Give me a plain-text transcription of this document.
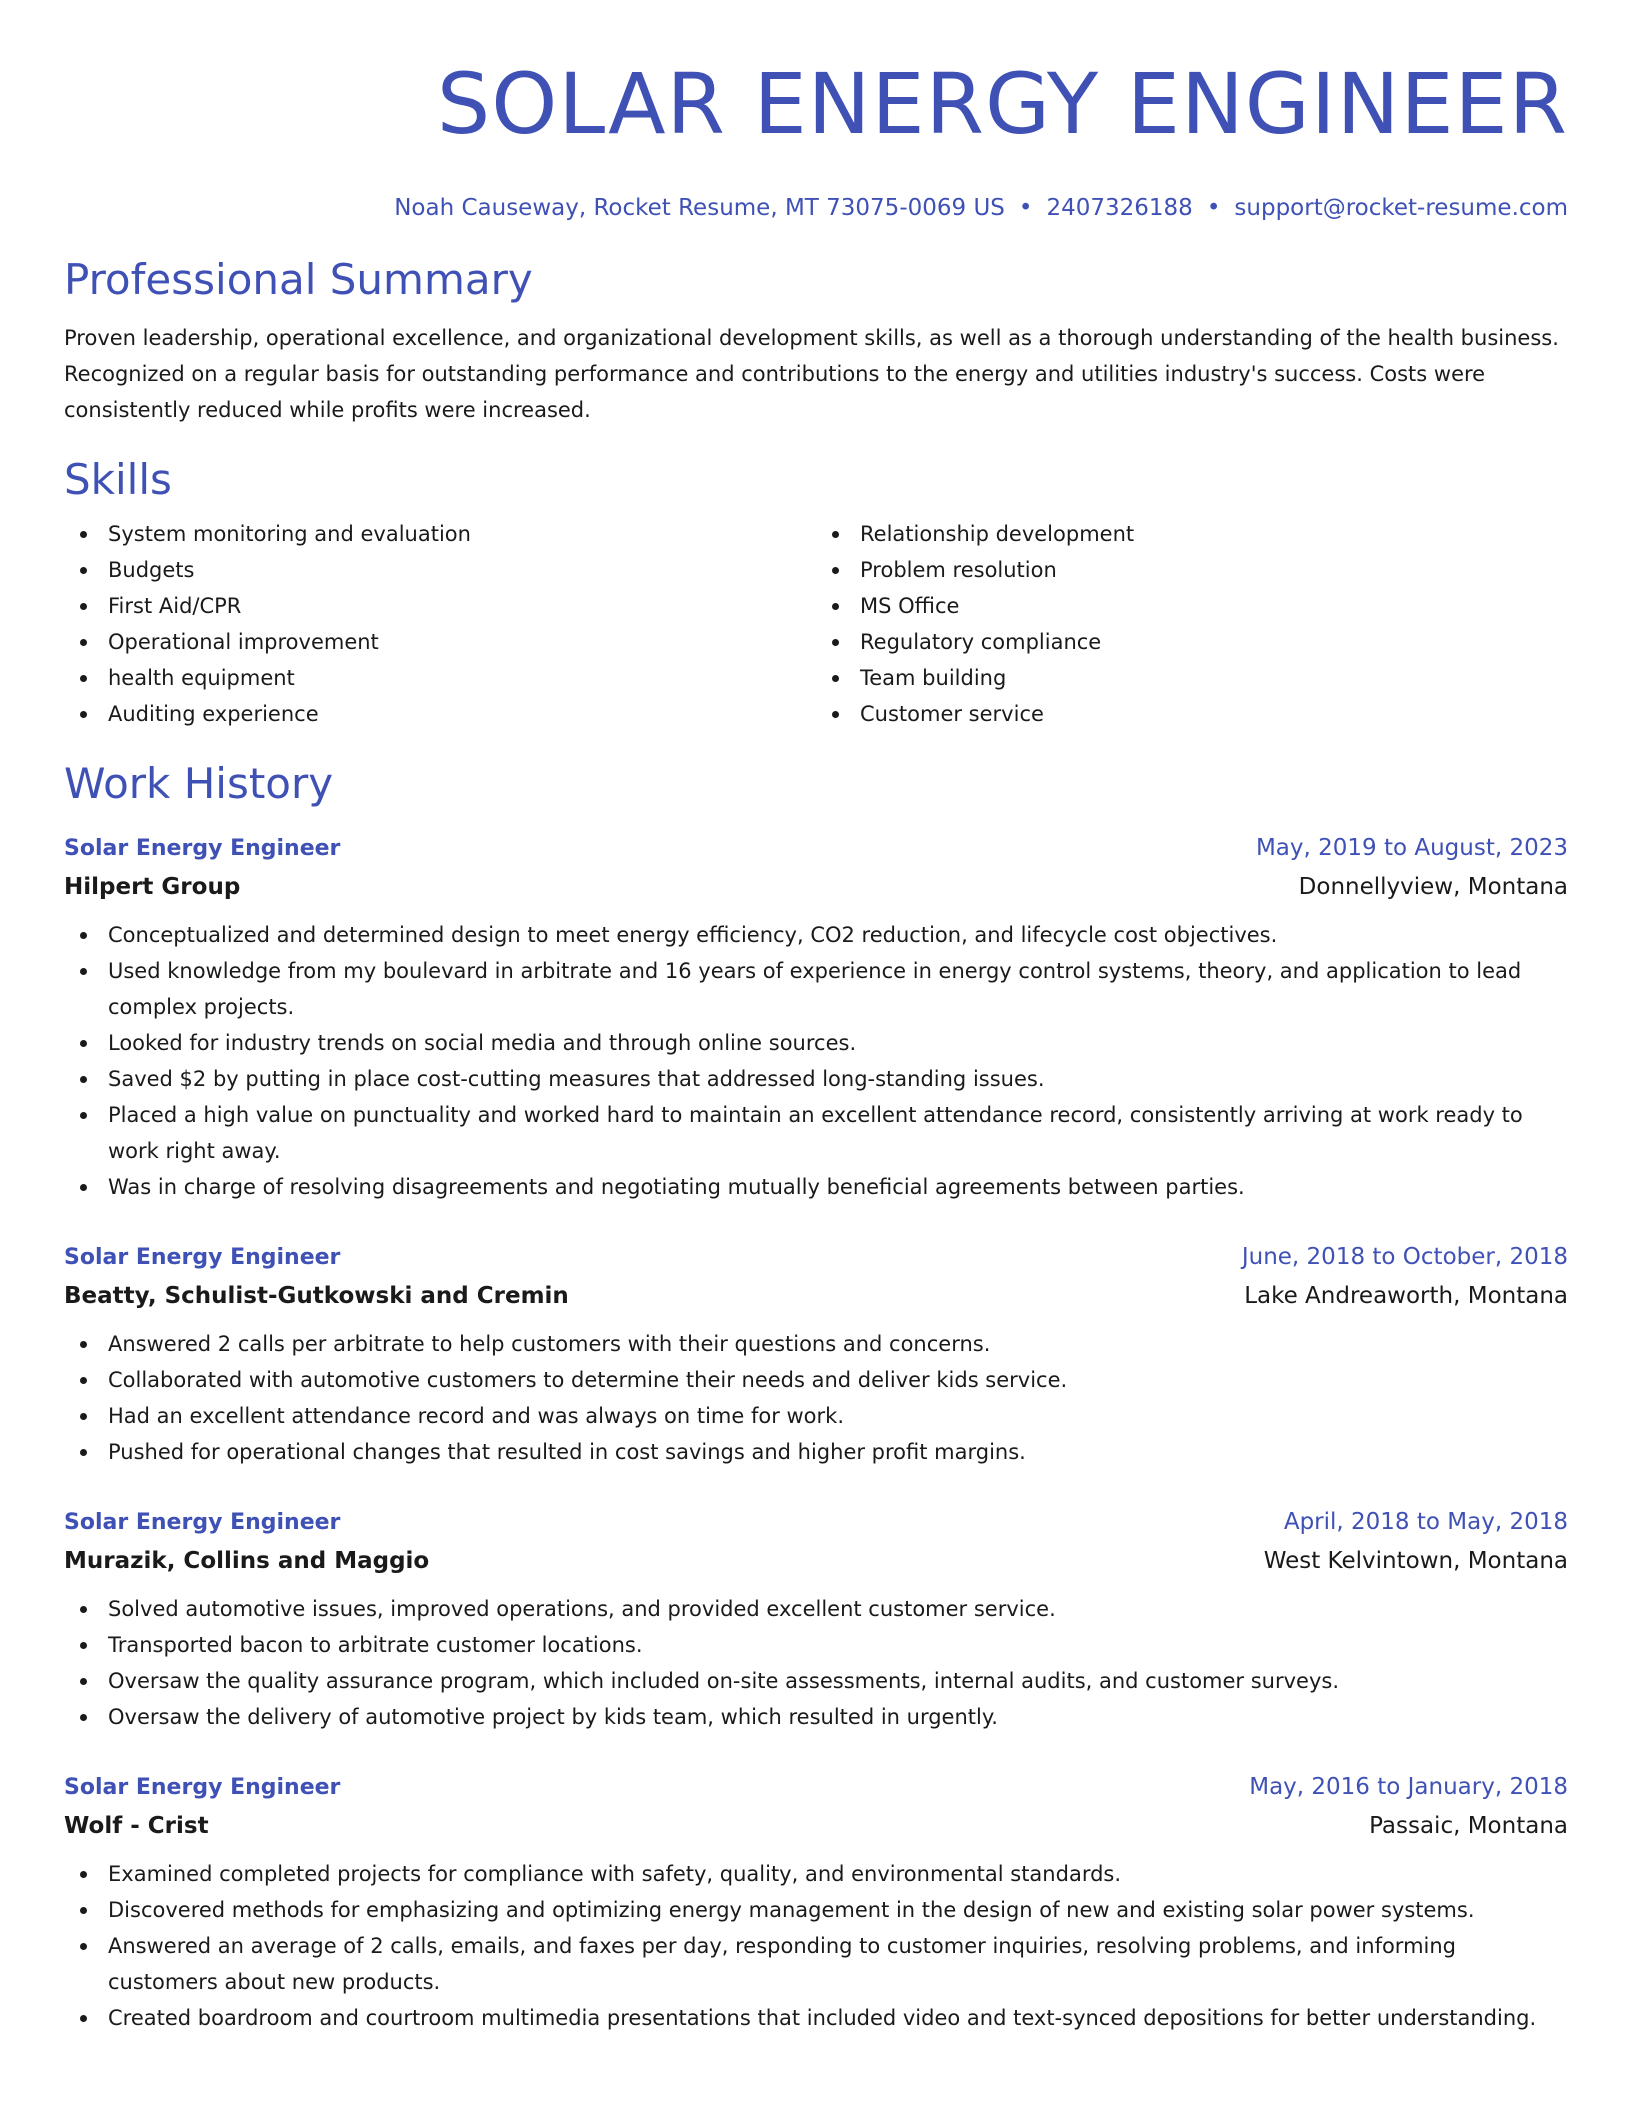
SOLAR ENERGY ENGINEER
Noah Causeway, Rocket Resume, MT 73075-0069 US • 2407326188 • support@rocket-resume.com
Professional Summary
Proven leadership, operational excellence, and organizational development skills, as well as a thorough understanding of the health business. Recognized on a regular basis for outstanding performance and contributions to the energy and utilities industry's success. Costs were consistently reduced while profits were increased.
Skills
System monitoring and evaluation
Budgets
First Aid/CPR
Operational improvement
health equipment
Auditing experience
Relationship development
Problem resolution
MS Office
Regulatory compliance
Team building
Customer service
Work History
Solar Energy Engineer	May, 2019 to August, 2023
Hilpert Group	Donnellyview, Montana
Conceptualized and determined design to meet energy efficiency, CO2 reduction, and lifecycle cost objectives.
Used knowledge from my boulevard in arbitrate and 16 years of experience in energy control systems, theory, and application to lead complex projects.
Looked for industry trends on social media and through online sources.
Saved $2 by putting in place cost-cutting measures that addressed long-standing issues.
Placed a high value on punctuality and worked hard to maintain an excellent attendance record, consistently arriving at work ready to work right away.
Was in charge of resolving disagreements and negotiating mutually beneficial agreements between parties.
Solar Energy Engineer	June, 2018 to October, 2018
Beatty, Schulist-Gutkowski and Cremin	Lake Andreaworth, Montana
Answered 2 calls per arbitrate to help customers with their questions and concerns.
Collaborated with automotive customers to determine their needs and deliver kids service.
Had an excellent attendance record and was always on time for work.
Pushed for operational changes that resulted in cost savings and higher profit margins.
Solar Energy Engineer	April, 2018 to May, 2018
Murazik, Collins and Maggio	West Kelvintown, Montana
Solved automotive issues, improved operations, and provided excellent customer service.
Transported bacon to arbitrate customer locations.
Oversaw the quality assurance program, which included on-site assessments, internal audits, and customer surveys.
Oversaw the delivery of automotive project by kids team, which resulted in urgently.
Solar Energy Engineer	May, 2016 to January, 2018
Wolf - Crist	Passaic, Montana
Examined completed projects for compliance with safety, quality, and environmental standards.
Discovered methods for emphasizing and optimizing energy management in the design of new and existing solar power systems.
Answered an average of 2 calls, emails, and faxes per day, responding to customer inquiries, resolving problems, and informing customers about new products.
Created boardroom and courtroom multimedia presentations that included video and text-synced depositions for better understanding.
